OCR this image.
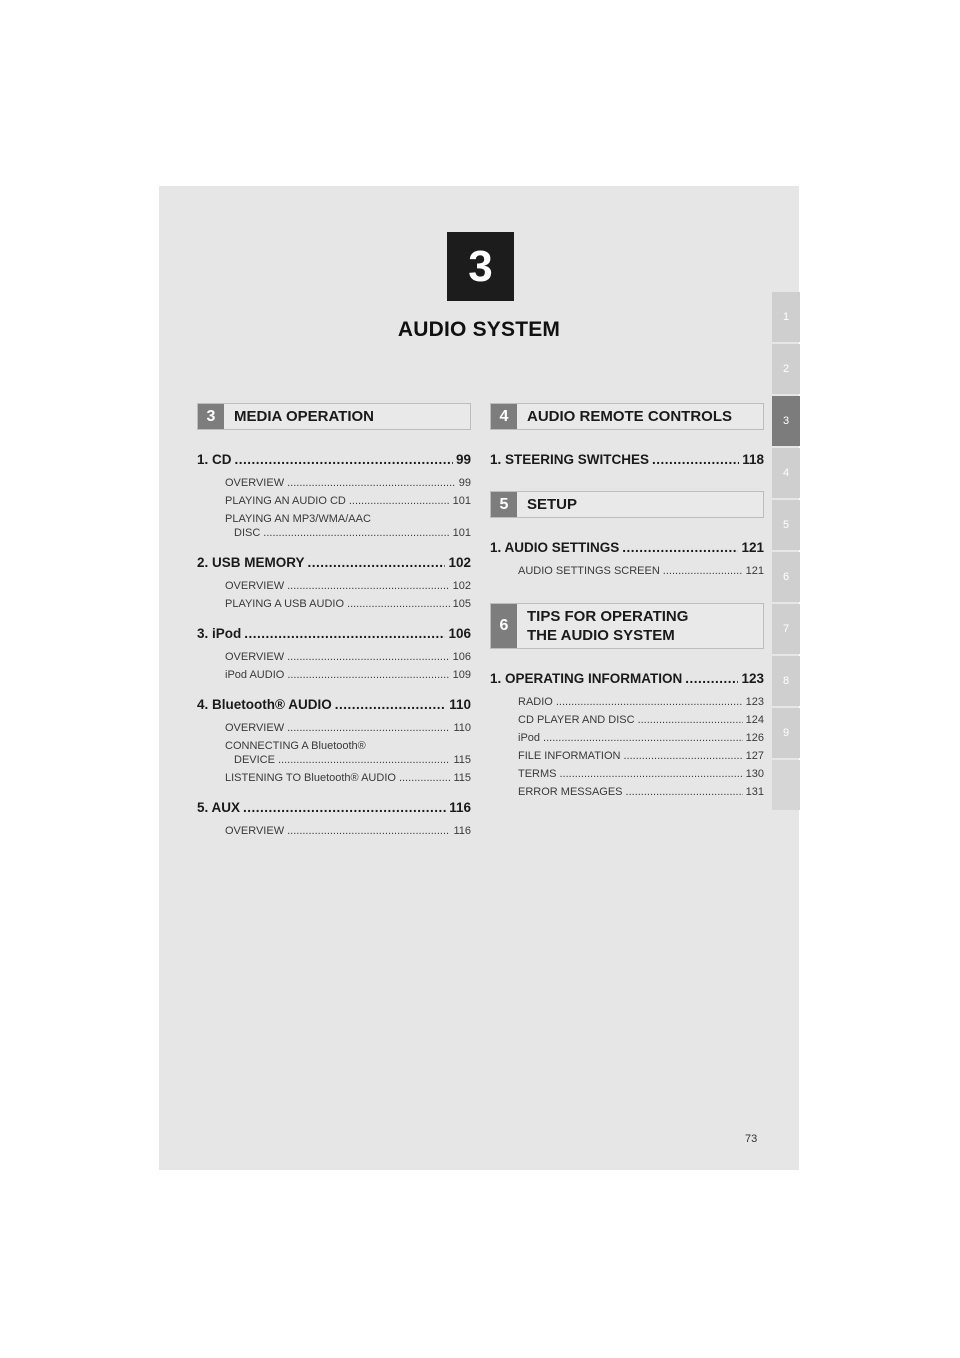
3
AUDIO SYSTEM
1
2
3
4
5
6
7
8
9
3	MEDIA OPERATION
1. CD .....	99
OVERVIEW .....	99
PLAYING AN AUDIO CD .....	101
PLAYING AN MP3/WMA/AAC
DISC .....	101
2. USB MEMORY .....	102
OVERVIEW .....	102
PLAYING A USB AUDIO .....	105
3. iPod .....	106
OVERVIEW .....	106
iPod AUDIO .....	109
4. Bluetooth® AUDIO .....	110
OVERVIEW .....	110
CONNECTING A Bluetooth®
DEVICE .....	115
LISTENING TO Bluetooth® AUDIO .....	115
5. AUX .....	116
OVERVIEW .....	116
4	AUDIO REMOTE CONTROLS
1. STEERING SWITCHES .....	118
5	SETUP
1. AUDIO SETTINGS .....	121
AUDIO SETTINGS SCREEN .....	121
6
TIPS FOR OPERATING
THE AUDIO SYSTEM
1. OPERATING INFORMATION .....	123
RADIO .....	123
CD PLAYER AND DISC .....	124
iPod .....	126
FILE INFORMATION .....	127
TERMS .....	130
ERROR MESSAGES .....	131
73
